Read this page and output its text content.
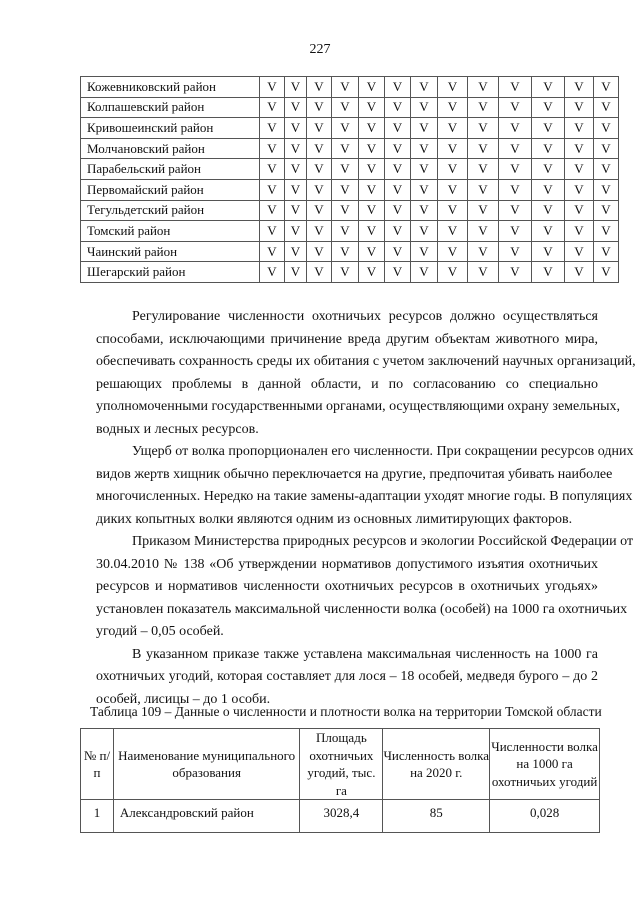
227
Кожевниковский район	V	V	V	V	V	V	V	V	V	V	V	V	V
Колпашевский район	V	V	V	V	V	V	V	V	V	V	V	V	V
Кривошеинский район	V	V	V	V	V	V	V	V	V	V	V	V	V
Молчановский район	V	V	V	V	V	V	V	V	V	V	V	V	V
Парабельский район	V	V	V	V	V	V	V	V	V	V	V	V	V
Первомайский район	V	V	V	V	V	V	V	V	V	V	V	V	V
Тегульдетский район	V	V	V	V	V	V	V	V	V	V	V	V	V
Томский район	V	V	V	V	V	V	V	V	V	V	V	V	V
Чаинский район	V	V	V	V	V	V	V	V	V	V	V	V	V
Шегарский район	V	V	V	V	V	V	V	V	V	V	V	V	V
Регулирование численности охотничьих ресурсов должно осуществляться
способами, исключающими причинение вреда другим объектам животного мира,
обеспечивать сохранность среды их обитания с учетом заключений научных организаций,
решающих проблемы в данной области, и по согласованию со специально
уполномоченными государственными органами, осуществляющими охрану земельных,
водных и лесных ресурсов.
Ущерб от волка пропорционален его численности. При сокращении ресурсов одних
видов жертв хищник обычно переключается на другие, предпочитая убивать наиболее
многочисленных. Нередко на такие замены-адаптации уходят многие годы. В популяциях
диких копытных волки являются одним из основных лимитирующих факторов.
Приказом Министерства природных ресурсов и экологии Российской Федерации от
30.04.2010 № 138 «Об утверждении нормативов допустимого изъятия охотничьих
ресурсов и нормативов численности охотничьих ресурсов в охотничьих угодьях»
установлен показатель максимальной численности волка (особей) на 1000 га охотничьих
угодий – 0,05 особей.
В указанном приказе также уставлена максимальная численность на 1000 га
охотничьих угодий, которая составляет для лося – 18 особей, медведя бурого – до 2
особей, лисицы – до 1 особи.
Таблица 109 – Данные о численности и плотности волка на территории Томской области
№ п/п	Наименование муниципального образования	Площадь охотничьих угодий, тыс. га	Численность волка на 2020 г.	Численности волка на 1000 га охотничьих угодий
1	Александровский район	3028,4	85	0,028
